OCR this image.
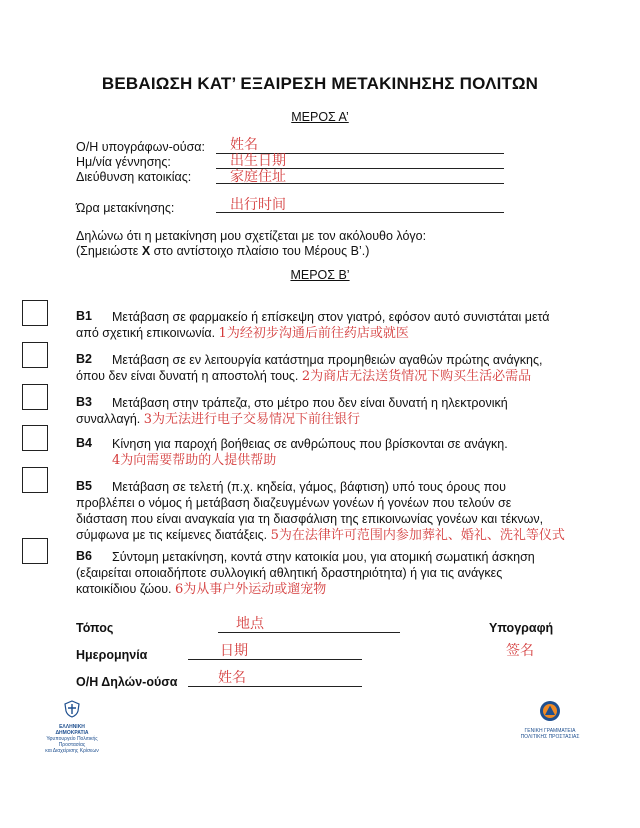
ΒΕΒΑΙΩΣΗ ΚΑΤ’ ΕΞΑΙΡΕΣΗ ΜΕΤΑΚΙΝΗΣΗΣ ΠΟΛΙΤΩΝ
ΜΕΡΟΣ Α’
Ο/Η υπογράφων-ούσα: 姓名
Ημ/νία γέννησης:	出生日期
Διεύθυνση κατοικίας:	家庭住址
Ώρα μετακίνησης:	出行时间
Δηλώνω ότι η μετακίνηση μου σχετίζεται με τον ακόλουθο λόγο:
(Σημειώστε Χ στο αντίστοιχο πλαίσιο του Μέρους Β’.)
ΜΕΡΟΣ Β’
B1	Μετάβαση σε φαρμακείο ή επίσκεψη στον γιατρό, εφόσον αυτό συνιστάται μετά
από σχετική επικοινωνία. 1为经初步沟通后前往药店或就医
B2	Μετάβαση σε εν λειτουργία κατάστημα προμηθειών αγαθών πρώτης ανάγκης,
όπου δεν είναι δυνατή η αποστολή τους. 2为商店无法送货情况下购买生活必需品
B3	Μετάβαση στην τράπεζα, στο μέτρο που δεν είναι δυνατή η ηλεκτρονική
συναλλαγή. 3为无法进行电子交易情况下前往银行
B4	Κίνηση για παροχή βοήθειας σε ανθρώπους που βρίσκονται σε ανάγκη.
4为向需要帮助的人提供帮助
B5	Μετάβαση σε τελετή (π.χ. κηδεία, γάμος, βάφτιση) υπό τους όρους που
προβλέπει ο νόμος ή μετάβαση διαζευγμένων γονέων ή γονέων που τελούν σε
διάσταση που είναι αναγκαία για τη διασφάλιση της επικοινωνίας γονέων και τέκνων,
σύμφωνα με τις κείμενες διατάξεις. 5为在法律许可范围内参加葬礼、婚礼、洗礼等仪式
B6	Σύντομη μετακίνηση, κοντά στην κατοικία μου, για ατομική σωματική άσκηση
(εξαιρείται οποιαδήποτε συλλογική αθλητική δραστηριότητα) ή για τις ανάγκες
κατοικίδιου ζώου. 6为从事户外运动或遛宠物
Τόπος	地点
Ημερομηνία	日期
Ο/Η Δηλών-ούσα	姓名
Υπογραφή
签名
ΕΛΛΗΝΙΚΗ ΔΗΜΟΚΡΑΤΙΑ
Υφυπουργείο Πολιτικής Προστασίας
και Διαχείρισης Κρίσεων
ΓΕΝΙΚΗ ΓΡΑΜΜΑΤΕΙΑ
ΠΟΛΙΤΙΚΗΣ ΠΡΟΣΤΑΣΙΑΣ
